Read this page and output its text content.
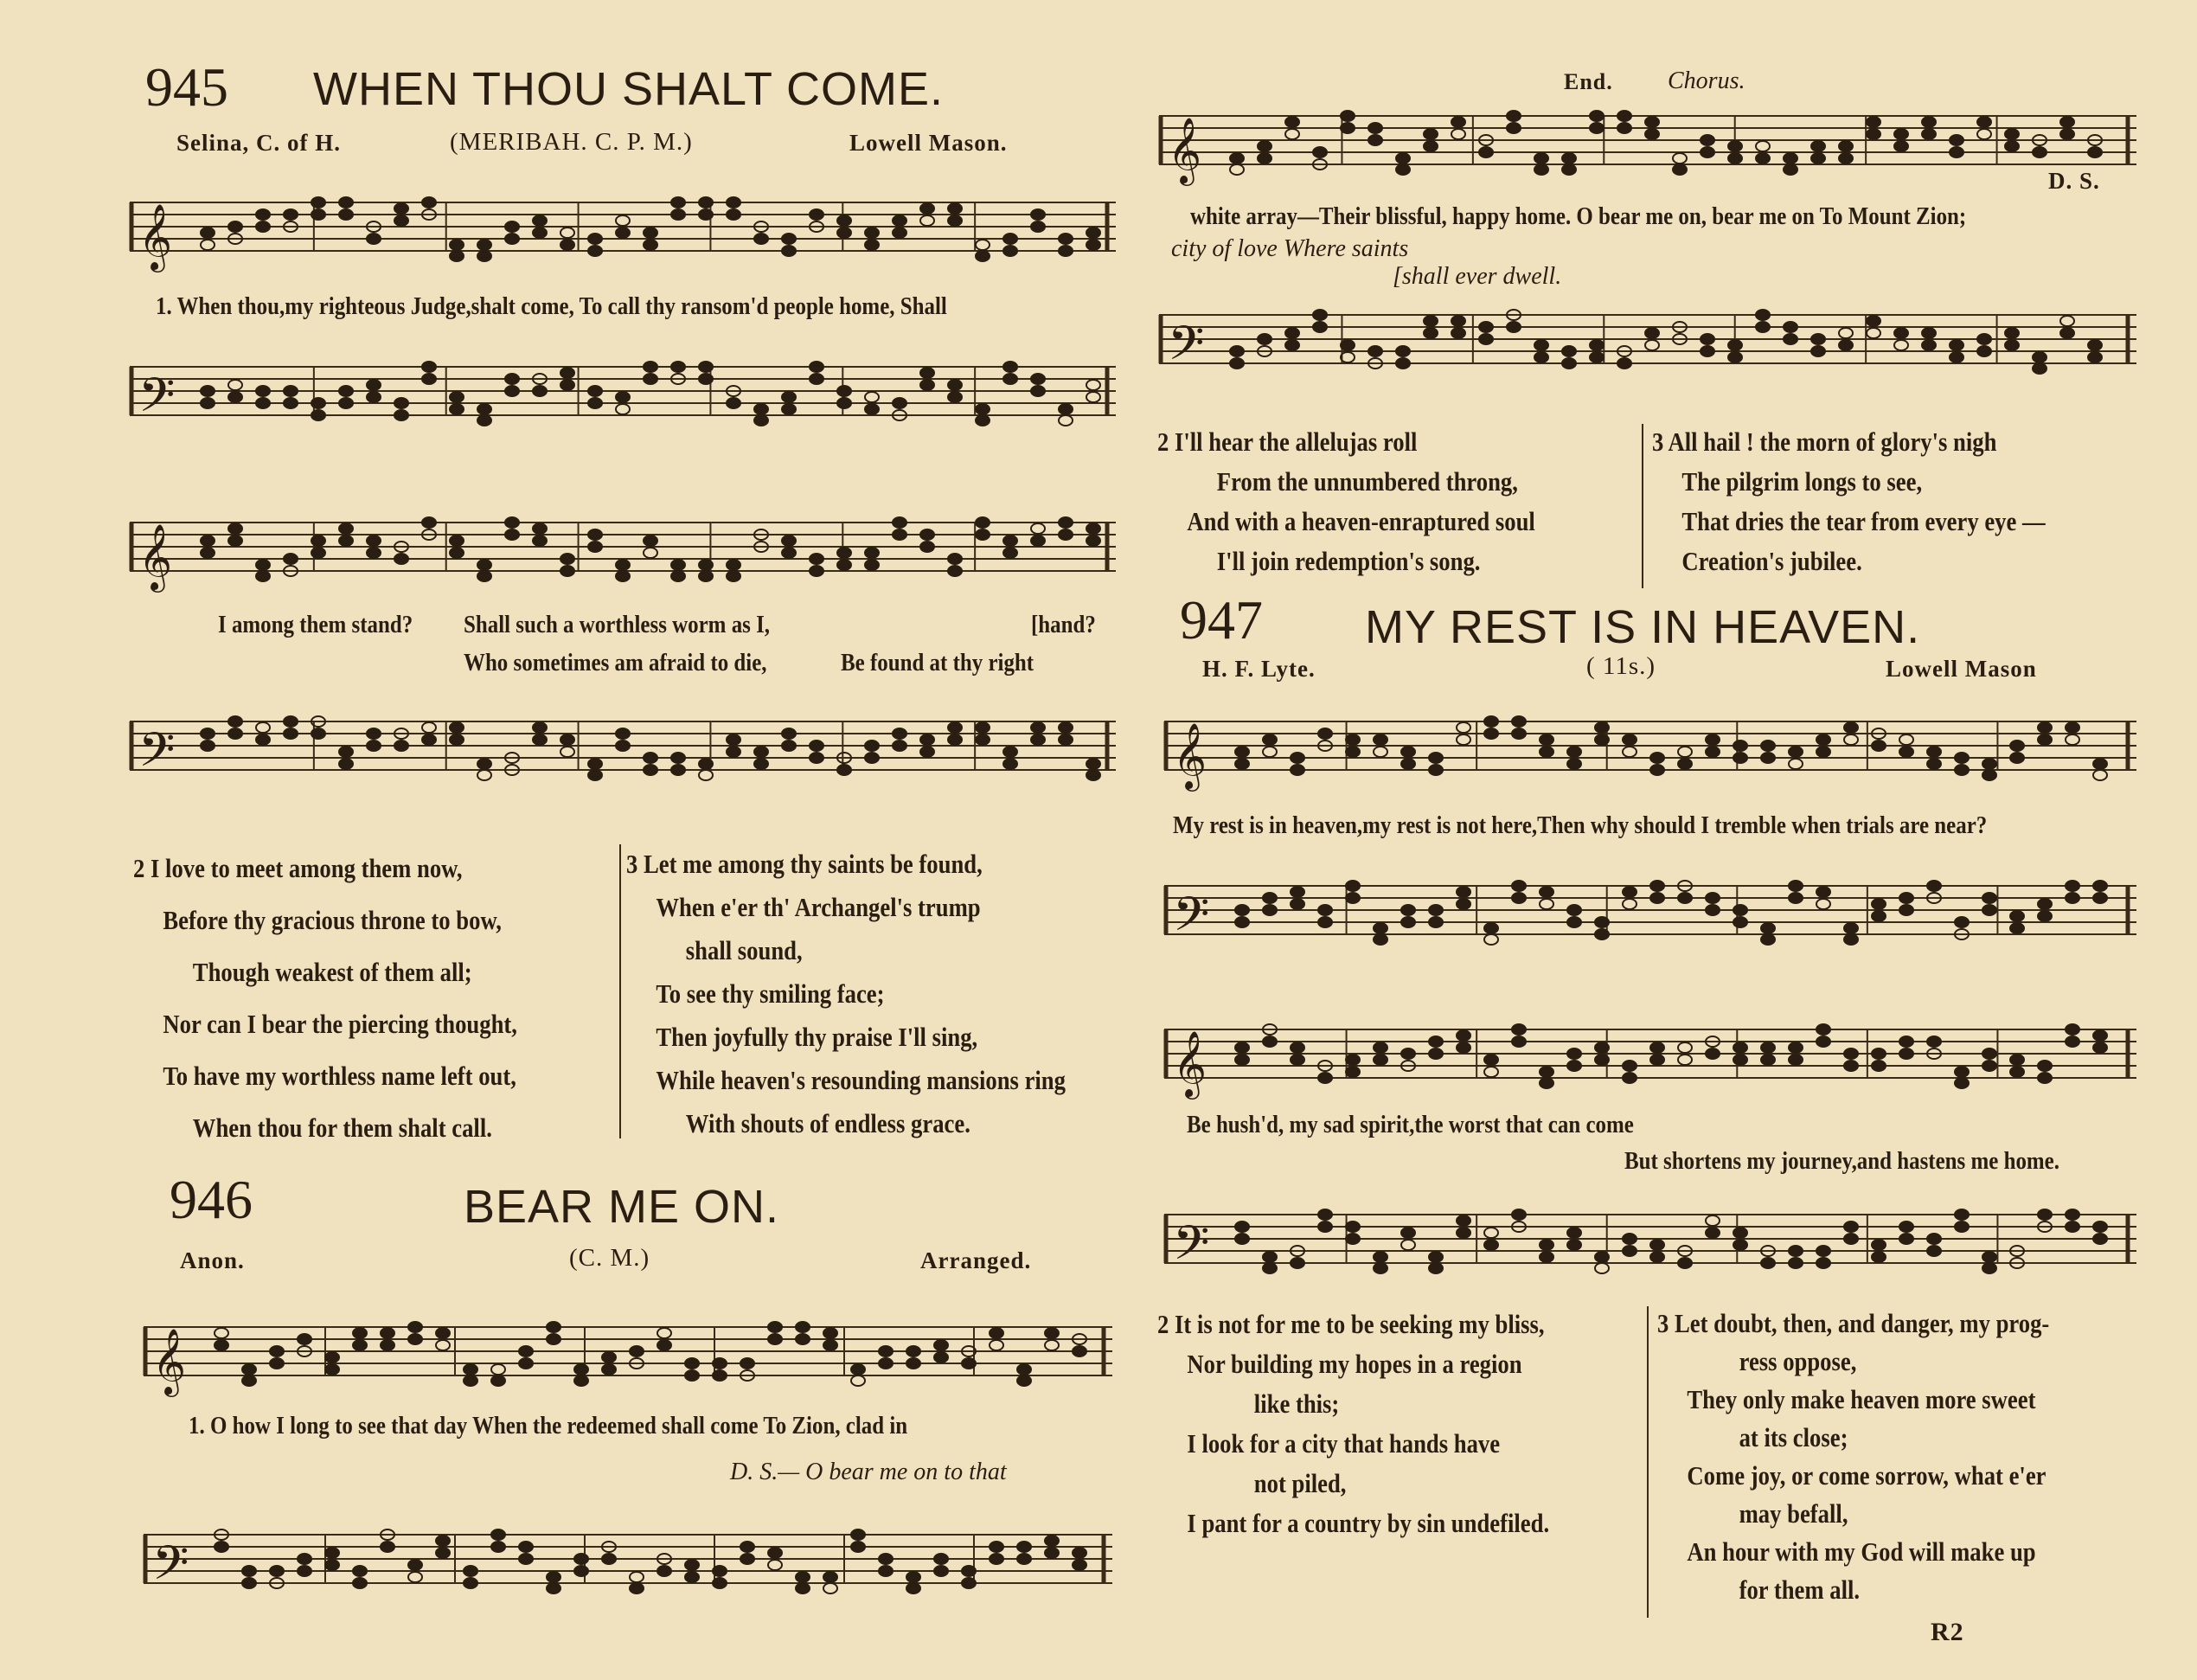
945 WHEN THOU SHALT COME.
Selina, C. of H.	(MERIBAH. C. P. M.)	Lowell Mason.
𝄞
1. When thou,my righteous Judge,shalt come, To call thy ransom'd people home, Shall
𝄢
𝄞
I among them stand? Shall such a worthless worm as I,
Who sometimes am afraid to die,
[hand?
Be found at thy right
𝄢
2 I love to meet among them now,
Before thy gracious throne to bow,
Though weakest of them all;
Nor can I bear the piercing thought,
To have my worthless name left out,
When thou for them shalt call.
3 Let me among thy saints be found,
When e'er th' Archangel's trump
shall sound,
To see thy smiling face;
Then joyfully thy praise I'll sing,
While heaven's resounding mansions ring
With shouts of endless grace.
946	BEAR ME ON.
Anon.	(C. M.)	Arranged.
𝄞
1. O how I long to see that day When the redeemed shall come To Zion, clad in
D. S.— O bear me on to that
𝄢
End. Chorus.
𝄞	D. S.
white array—Their blissful, happy home. O bear me on, bear me on To Mount Zion;
city of love Where saints
[shall ever dwell.
𝄢
2 I'll hear the allelujas roll
From the unnumbered throng,
And with a heaven-enraptured soul
I'll join redemption's song.
3 All hail ! the morn of glory's nigh
The pilgrim longs to see,
That dries the tear from every eye —
Creation's jubilee.
947 MY REST IS IN HEAVEN.
H. F. Lyte.	( 11s.)	Lowell Mason
𝄞
My rest is in heaven,my rest is not here,Then why should I tremble when trials are near?
𝄢
𝄞
Be hush'd, my sad spirit,the worst that can come
But shortens my journey,and hastens me home.
𝄢
2 It is not for me to be seeking my bliss,
Nor building my hopes in a region
like this;
I look for a city that hands have
not piled,
I pant for a country by sin undefiled.
3 Let doubt, then, and danger, my prog-
ress oppose,
They only make heaven more sweet
at its close;
Come joy, or come sorrow, what e'er
may befall,
An hour with my God will make up
for them all.
R2
